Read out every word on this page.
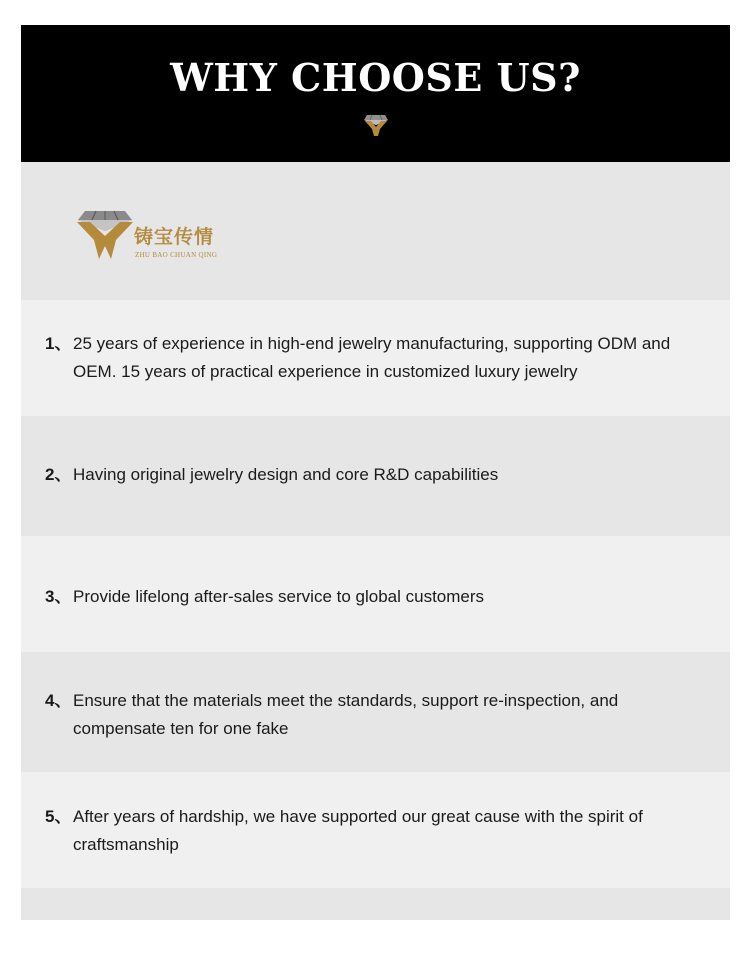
WHY CHOOSE US?
铸宝传情
ZHU BAO CHUAN QING
1、 25 years of experience in high-end jewelry manufacturing, supporting ODM and OEM. 15 years of practical experience in customized luxury jewelry
2、 Having original jewelry design and core R&D capabilities
3、 Provide lifelong after-sales service to global customers
4、 Ensure that the materials meet the standards, support re-inspection, and compensate ten for one fake
5、 After years of hardship, we have supported our great cause with the spirit of craftsmanship
